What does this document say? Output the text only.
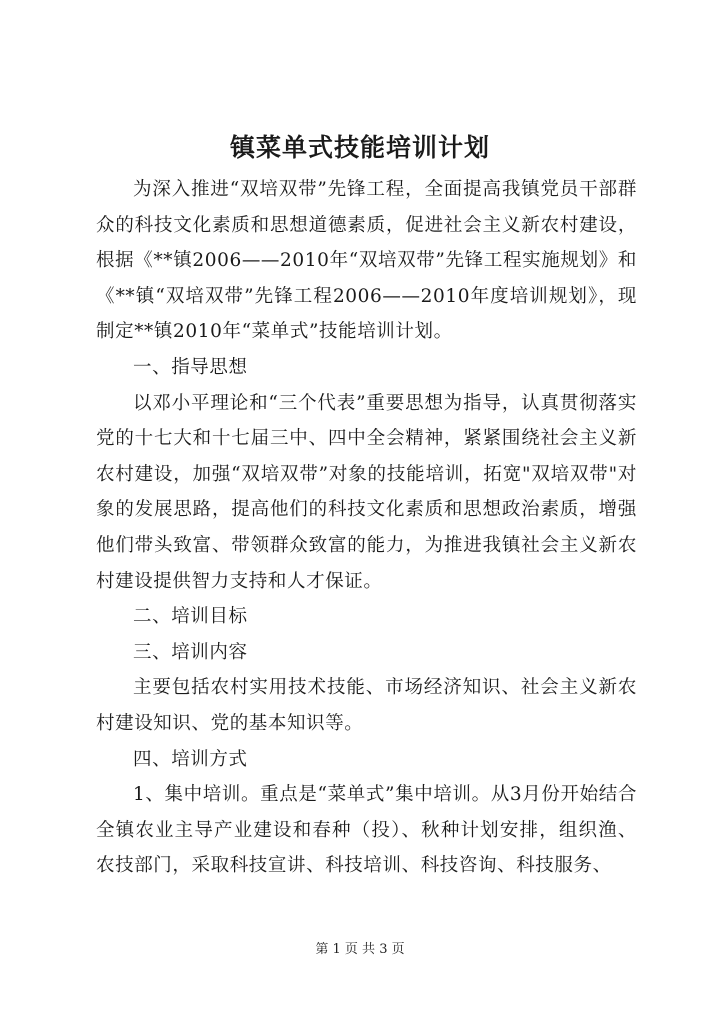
镇菜单式技能培训计划

为深入推进“双培双带”先锋工程，全面提高我镇党员干部群众的科技文化素质和思想道德素质，促进社会主义新农村建设，根据《**镇2006——2010年“双培双带”先锋工程实施规划》和《**镇“双培双带”先锋工程2006——2010年度培训规划》，现制定**镇2010年“菜单式”技能培训计划。

一、指导思想

以邓小平理论和“三个代表”重要思想为指导，认真贯彻落实党的十七大和十七届三中、四中全会精神，紧紧围绕社会主义新农村建设，加强“双培双带”对象的技能培训，拓宽"双培双带"对象的发展思路，提高他们的科技文化素质和思想政治素质，增强他们带头致富、带领群众致富的能力，为推进我镇社会主义新农村建设提供智力支持和人才保证。

二、培训目标

三、培训内容

主要包括农村实用技术技能、市场经济知识、社会主义新农村建设知识、党的基本知识等。

四、培训方式

1、集中培训。重点是“菜单式”集中培训。从3月份开始结合全镇农业主导产业建设和春种（投）、秋种计划安排，组织渔、农技部门，采取科技宣讲、科技培训、科技咨询、科技服务、

第 1 页 共 3 页
